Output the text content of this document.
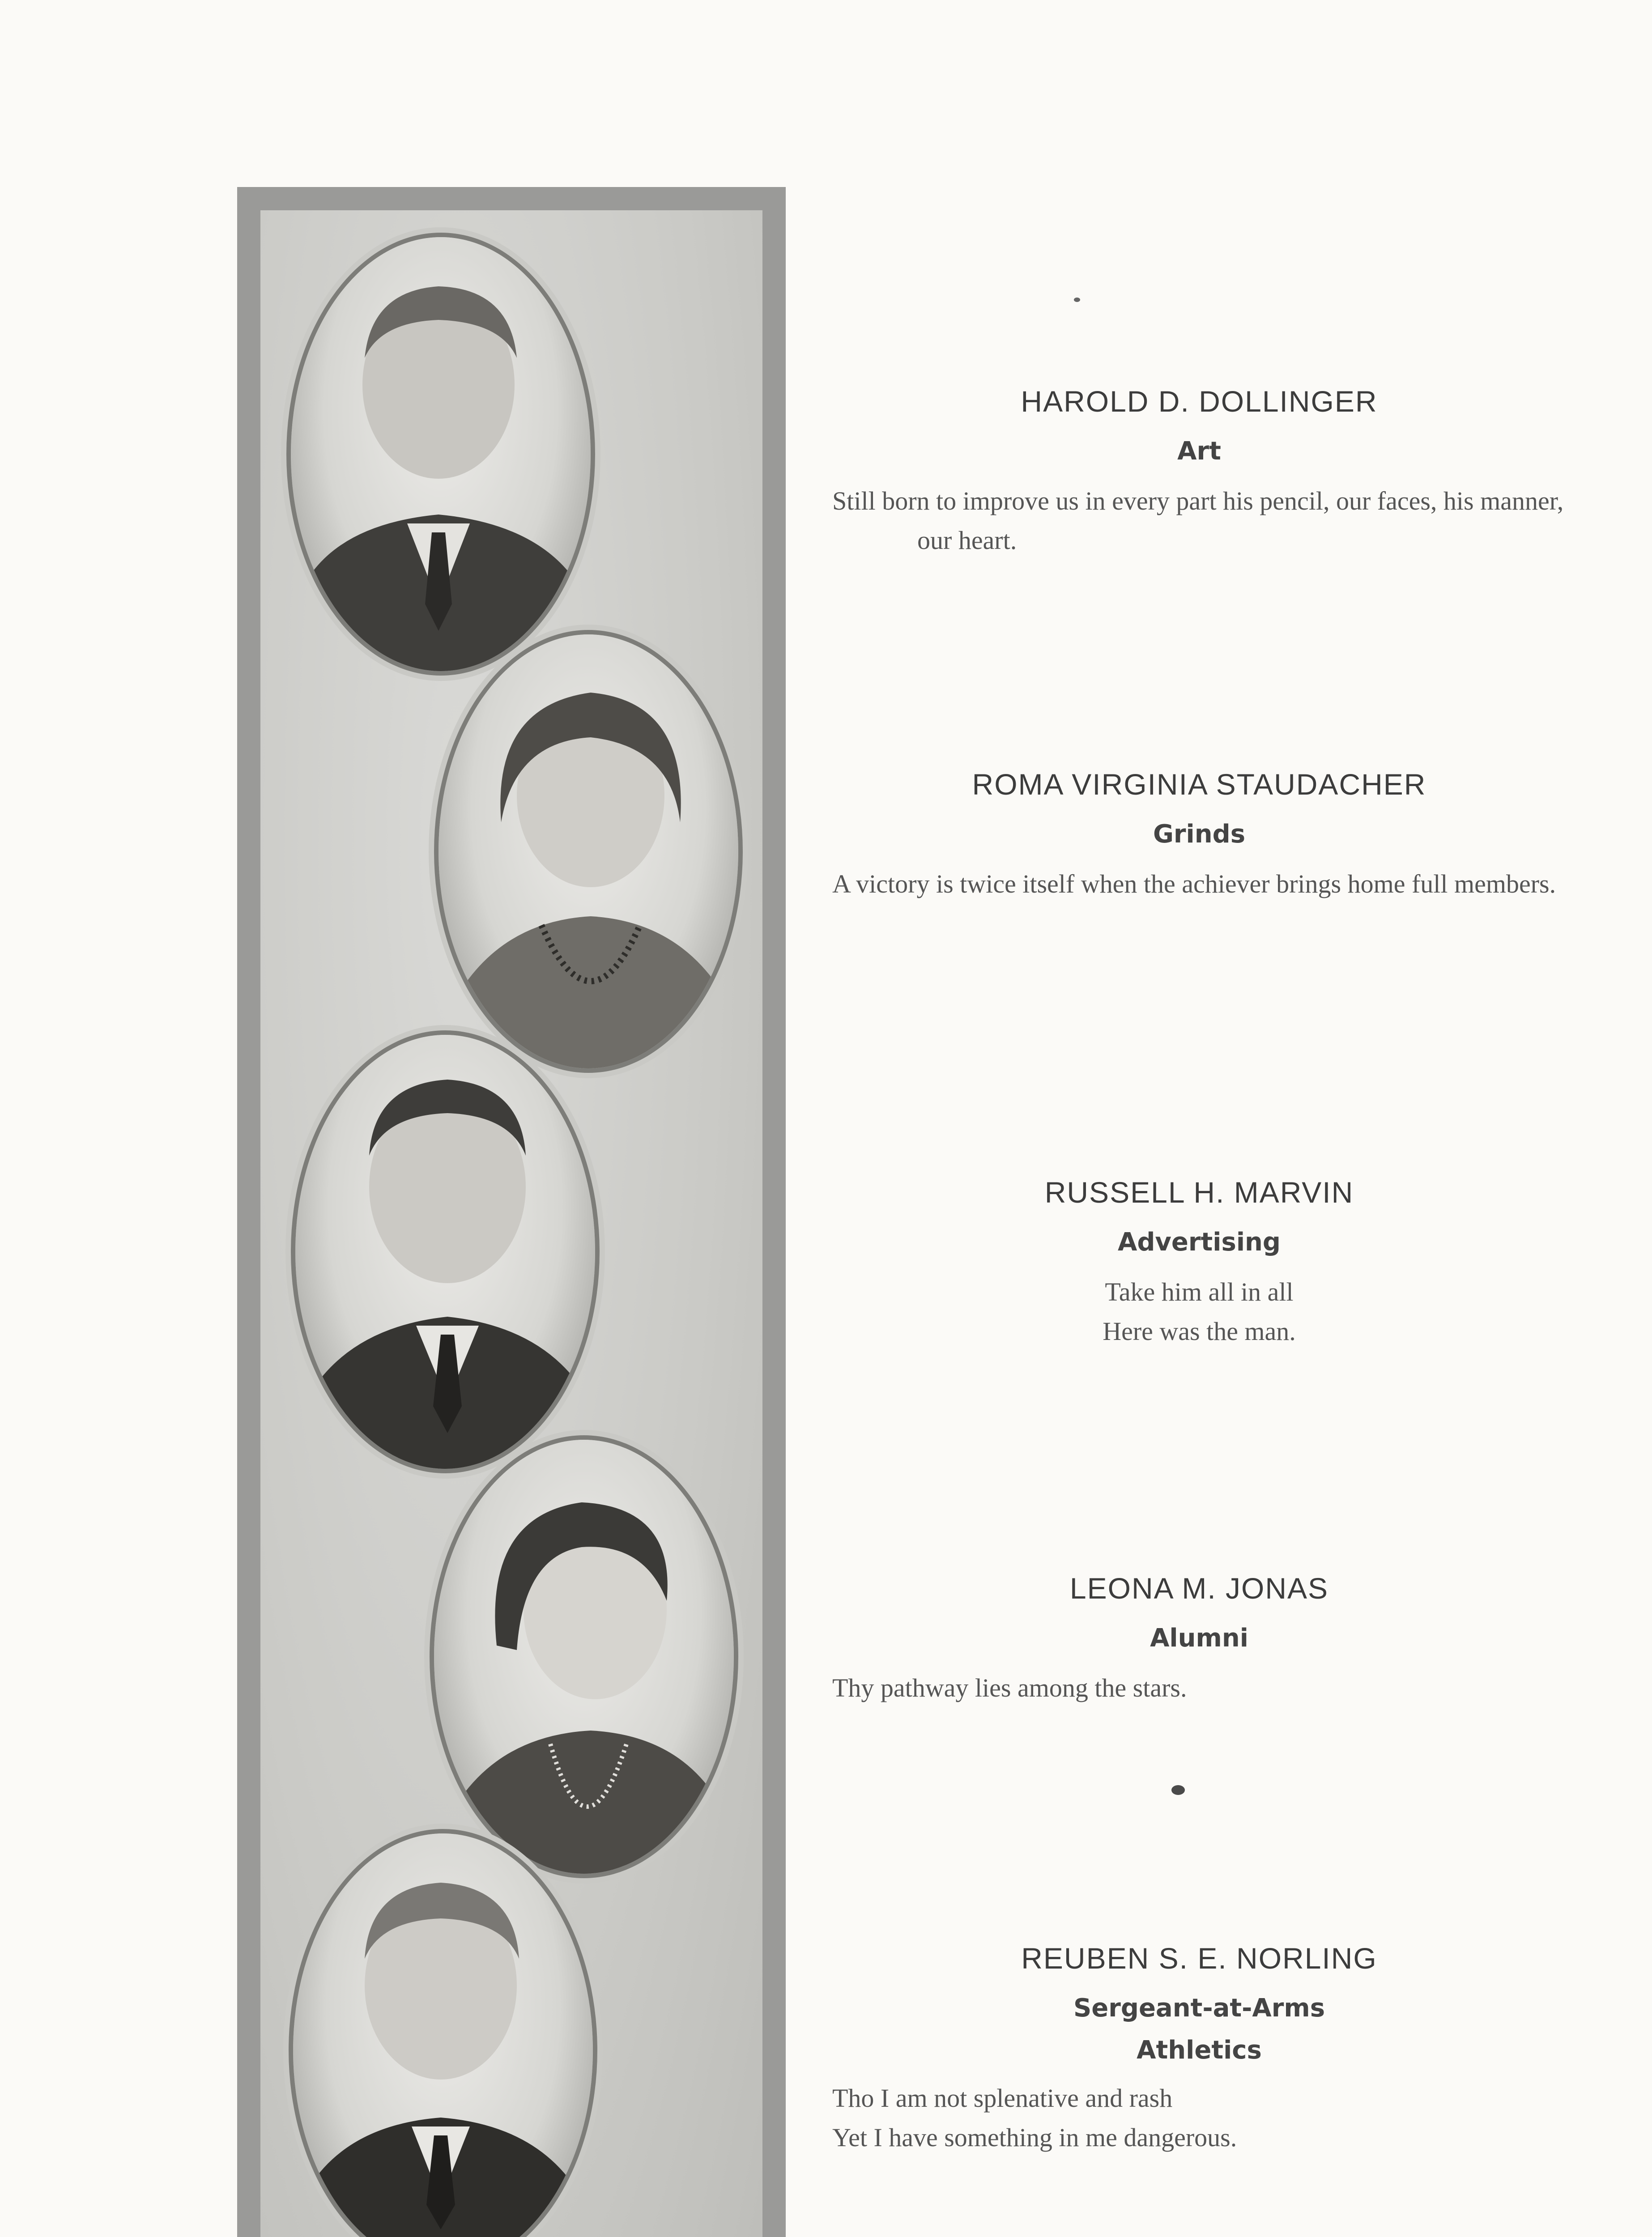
HAROLD D. DOLLINGER

Art

Still born to improve us in every part his pencil, our faces, his manner, our heart.

ROMA VIRGINIA STAUDACHER

Grinds

A victory is twice itself when the achiever brings home full members.

RUSSELL H. MARVIN

Advertising

Take him all in all
Here was the man.

LEONA M. JONAS

Alumni

Thy pathway lies among the stars.

REUBEN S. E. NORLING

Sergeant-at-Arms

Athletics

Tho I am not splenative and rash
Yet I have something in me dangerous.
